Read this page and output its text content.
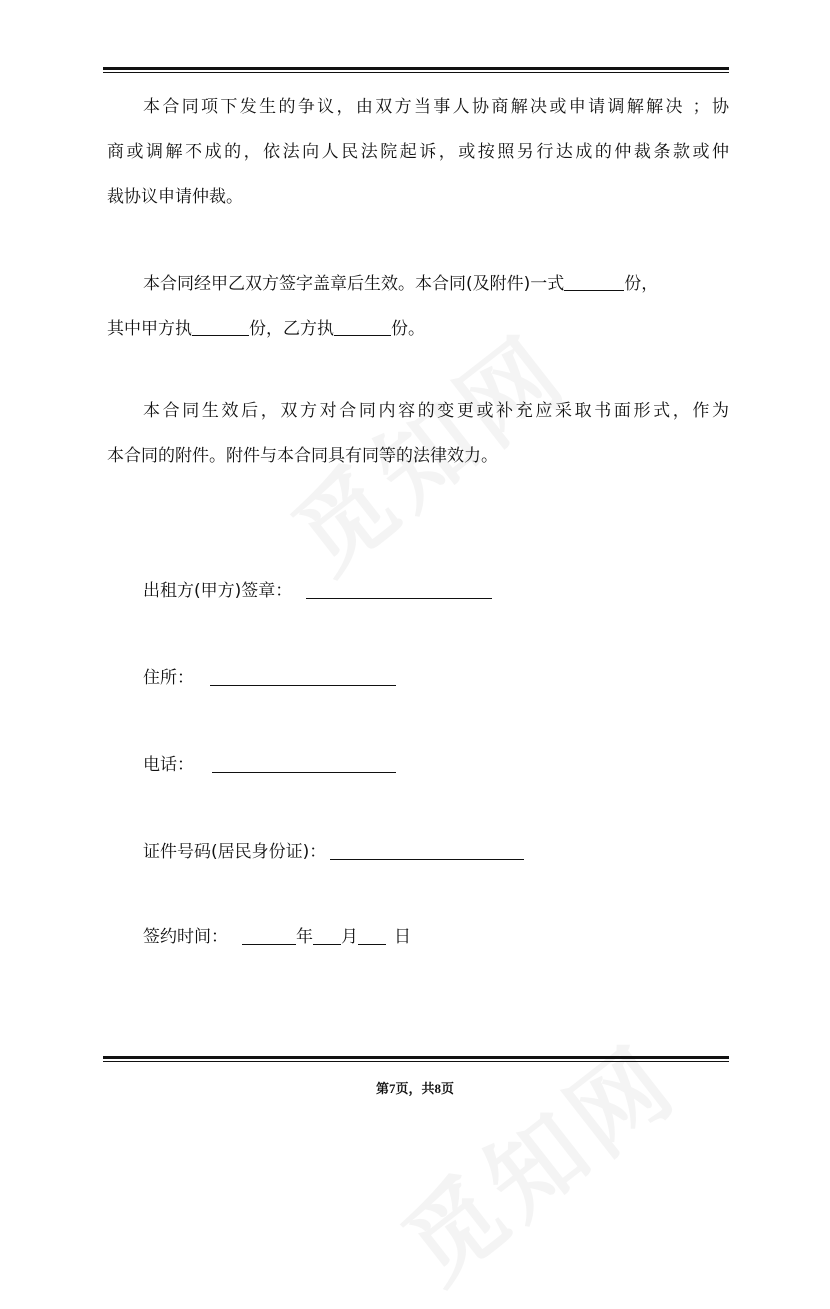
本合同项下发生的争议，由双方当事人协商解决或申请调解解决 ；协
商或调解不成的，依法向人民法院起诉，或按照另行达成的仲裁条款或仲
裁协议申请仲裁。
本合同经甲乙双方签字盖章后生效。本合同(及附件)一式	份，
其中甲方执	份，乙方执	份。
本合同生效后，双方对合同内容的变更或补充应采取书面形式，作为
本合同的附件。附件与本合同具有同等的法律效力。
出租方(甲方)签章：
住所：
电话：
证件号码(居民身份证)：
签约时间：	年 月 日
第7页，共8页
